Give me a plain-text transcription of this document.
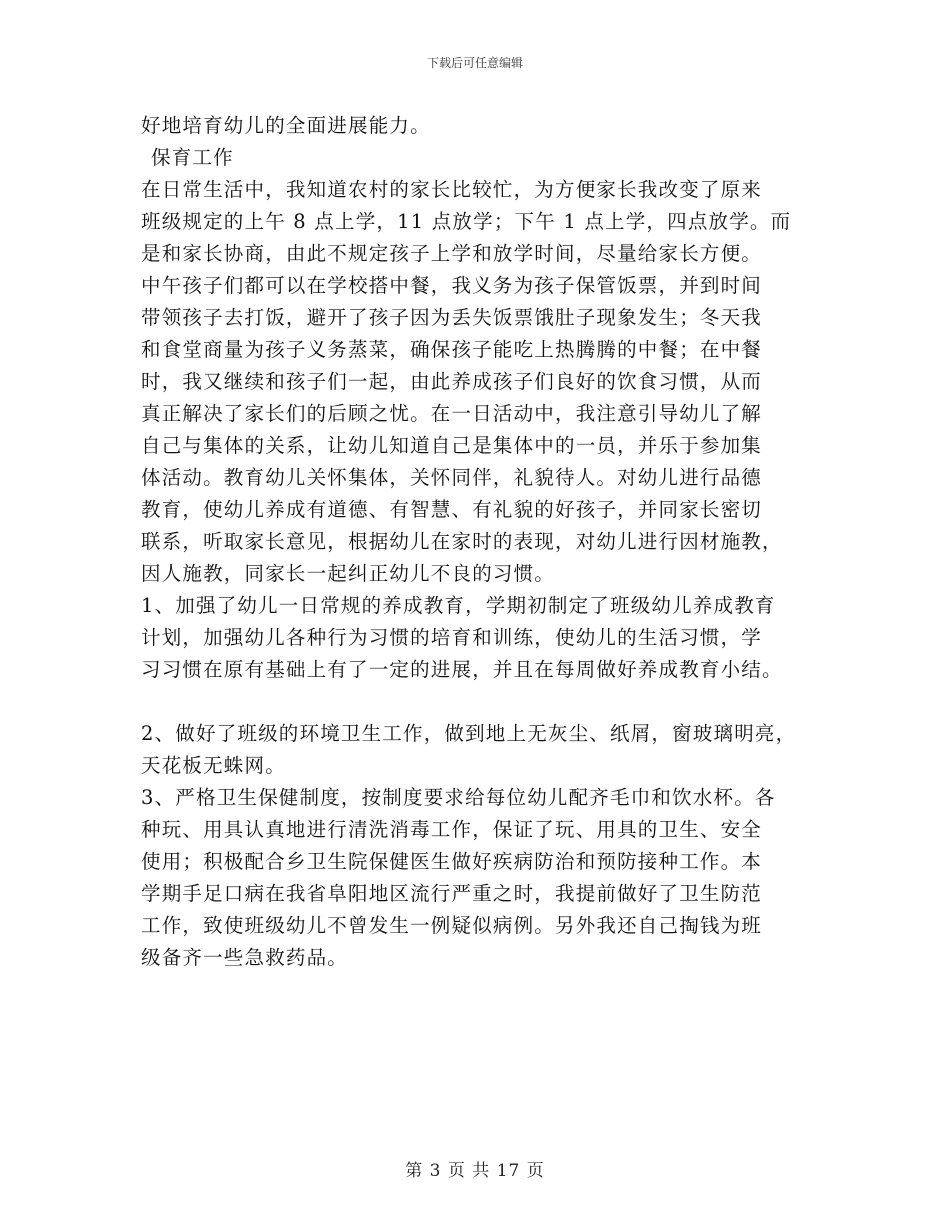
下载后可任意编辑
好地培育幼儿的全面进展能力。
保育工作
在日常生活中，我知道农村的家长比较忙，为方便家长我改变了原来
班级规定的上午 8 点上学，11 点放学；下午 1 点上学，四点放学。而
是和家长协商，由此不规定孩子上学和放学时间，尽量给家长方便。
中午孩子们都可以在学校搭中餐，我义务为孩子保管饭票，并到时间
带领孩子去打饭，避开了孩子因为丢失饭票饿肚子现象发生；冬天我
和食堂商量为孩子义务蒸菜，确保孩子能吃上热腾腾的中餐；在中餐
时，我又继续和孩子们一起，由此养成孩子们良好的饮食习惯，从而
真正解决了家长们的后顾之忧。在一日活动中，我注意引导幼儿了解
自己与集体的关系，让幼儿知道自己是集体中的一员，并乐于参加集
体活动。教育幼儿关怀集体，关怀同伴，礼貌待人。对幼儿进行品德
教育，使幼儿养成有道德、有智慧、有礼貌的好孩子，并同家长密切
联系，听取家长意见，根据幼儿在家时的表现，对幼儿进行因材施教，
因人施教，同家长一起纠正幼儿不良的习惯。
1、加强了幼儿一日常规的养成教育，学期初制定了班级幼儿养成教育
计划，加强幼儿各种行为习惯的培育和训练，使幼儿的生活习惯，学
习习惯在原有基础上有了一定的进展，并且在每周做好养成教育小结。
2、做好了班级的环境卫生工作，做到地上无灰尘、纸屑，窗玻璃明亮，
天花板无蛛网。
3、严格卫生保健制度，按制度要求给每位幼儿配齐毛巾和饮水杯。各
种玩、用具认真地进行清洗消毒工作，保证了玩、用具的卫生、安全
使用；积极配合乡卫生院保健医生做好疾病防治和预防接种工作。本
学期手足口病在我省阜阳地区流行严重之时，我提前做好了卫生防范
工作，致使班级幼儿不曾发生一例疑似病例。另外我还自己掏钱为班
级备齐一些急救药品。
第 3 页 共 17 页
